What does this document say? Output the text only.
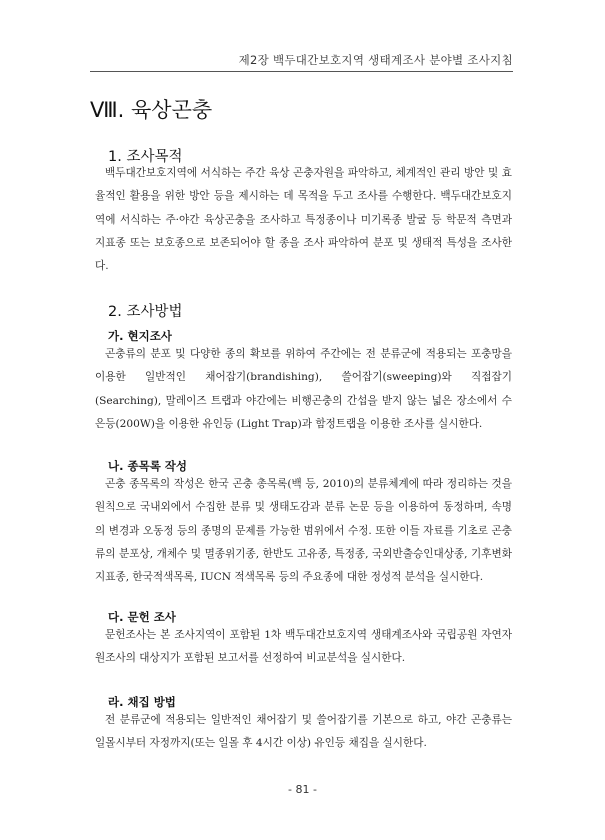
제2장 백두대간보호지역 생태계조사 분야별 조사지침
Ⅷ. 육상곤충
1. 조사목적

백두대간보호지역에 서식하는 주간 육상 곤충자원을 파악하고, 체계적인 관리 방안 및 효율적인 활용을 위한 방안 등을 제시하는 데 목적을 두고 조사를 수행한다. 백두대간보호지역에 서식하는 주·야간 육상곤충을 조사하고 특정종이나 미기록종 발굴 등 학문적 측면과 지표종 또는 보호종으로 보존되어야 할 종을 조사 파악하여 분포 및 생태적 특성을 조사한다.

2. 조사방법
가. 현지조사

곤충류의 분포 및 다양한 종의 확보를 위하여 주간에는 전 분류군에 적용되는 포충망을 이용한 일반적인 채어잡기(brandishing), 쓸어잡기(sweeping)와 직접잡기(Searching), 말레이즈 트랩과 야간에는 비행곤충의 간섭을 받지 않는 넓은 장소에서 수은등(200W)을 이용한 유인등 (Light Trap)과 함정트랩을 이용한 조사를 실시한다.

나. 종목록 작성

곤충 종목록의 작성은 한국 곤충 총목록(백 등, 2010)의 분류체계에 따라 정리하는 것을 원칙으로 국내외에서 수집한 분류 및 생태도감과 분류 논문 등을 이용하여 동정하며, 속명의 변경과 오동정 등의 종명의 문제를 가능한 범위에서 수정. 또한 이들 자료를 기초로 곤충류의 분포상, 개체수 및 멸종위기종, 한반도 고유종, 특정종, 국외반출승인대상종, 기후변화지표종, 한국적색목록, IUCN 적색목록 등의 주요종에 대한 정성적 분석을 실시한다.

다. 문헌 조사

문헌조사는 본 조사지역이 포함된 1차 백두대간보호지역 생태계조사와 국립공원 자연자원조사의 대상지가 포함된 보고서를 선정하여 비교분석을 실시한다.

라. 채집 방법

전 분류군에 적용되는 일반적인 채어잡기 및 쓸어잡기를 기본으로 하고, 야간 곤충류는 일몰시부터 자정까지(또는 일몰 후 4시간 이상) 유인등 채집을 실시한다.

- 81 -
